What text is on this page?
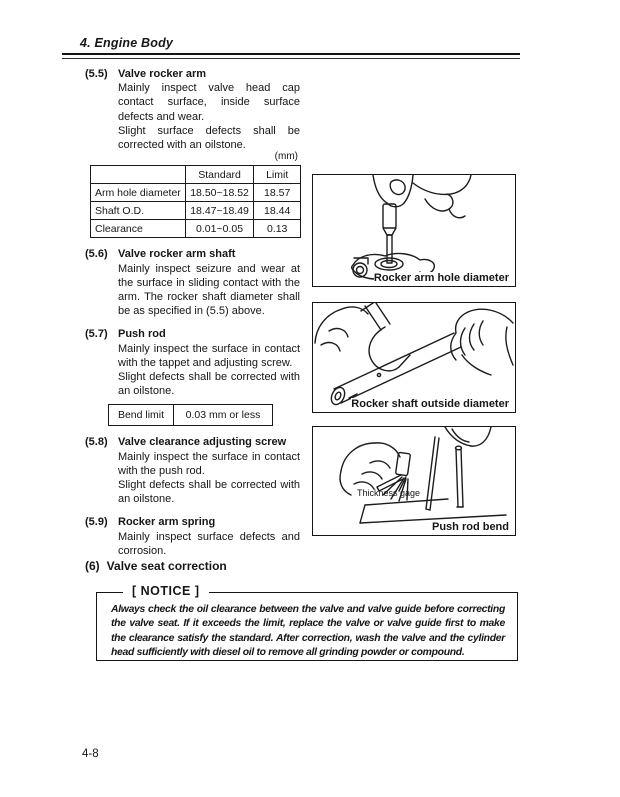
4. Engine Body
(5.5) Valve rocker arm
Mainly inspect valve head cap contact surface, inside surface defects and wear.
Slight surface defects shall be corrected with an oilstone.
(mm)
	Standard	Limit
Arm hole diameter	18.50~18.52	18.57
Shaft O.D.	18.47~18.49	18.44
Clearance	0.01~0.05	0.13
(5.6) Valve rocker arm shaft
Mainly inspect seizure and wear at the surface in sliding contact with the arm. The rocker shaft diameter shall be as specified in (5.5) above.
(5.7) Push rod
Mainly inspect the surface in contact with the tappet and adjusting screw.
Slight defects shall be corrected with an oilstone.
Bend limit	0.03 mm or less
(5.8) Valve clearance adjusting screw
Mainly inspect the surface in contact with the push rod.
Slight defects shall be corrected with an oilstone.
(5.9) Rocker arm spring
Mainly inspect surface defects and corrosion.
Rocker arm hole diameter
Rocker shaft outside diameter
Thickness gage
Push rod bend
(6) Valve seat correction
[ NOTICE ]
Always check the oil clearance between the valve and valve guide before correcting the valve seat. If it exceeds the limit, replace the valve or valve guide first to make the clearance satisfy the standard. After correction, wash the valve and the cylinder head sufficiently with diesel oil to remove all grinding powder or compound.
4-8
